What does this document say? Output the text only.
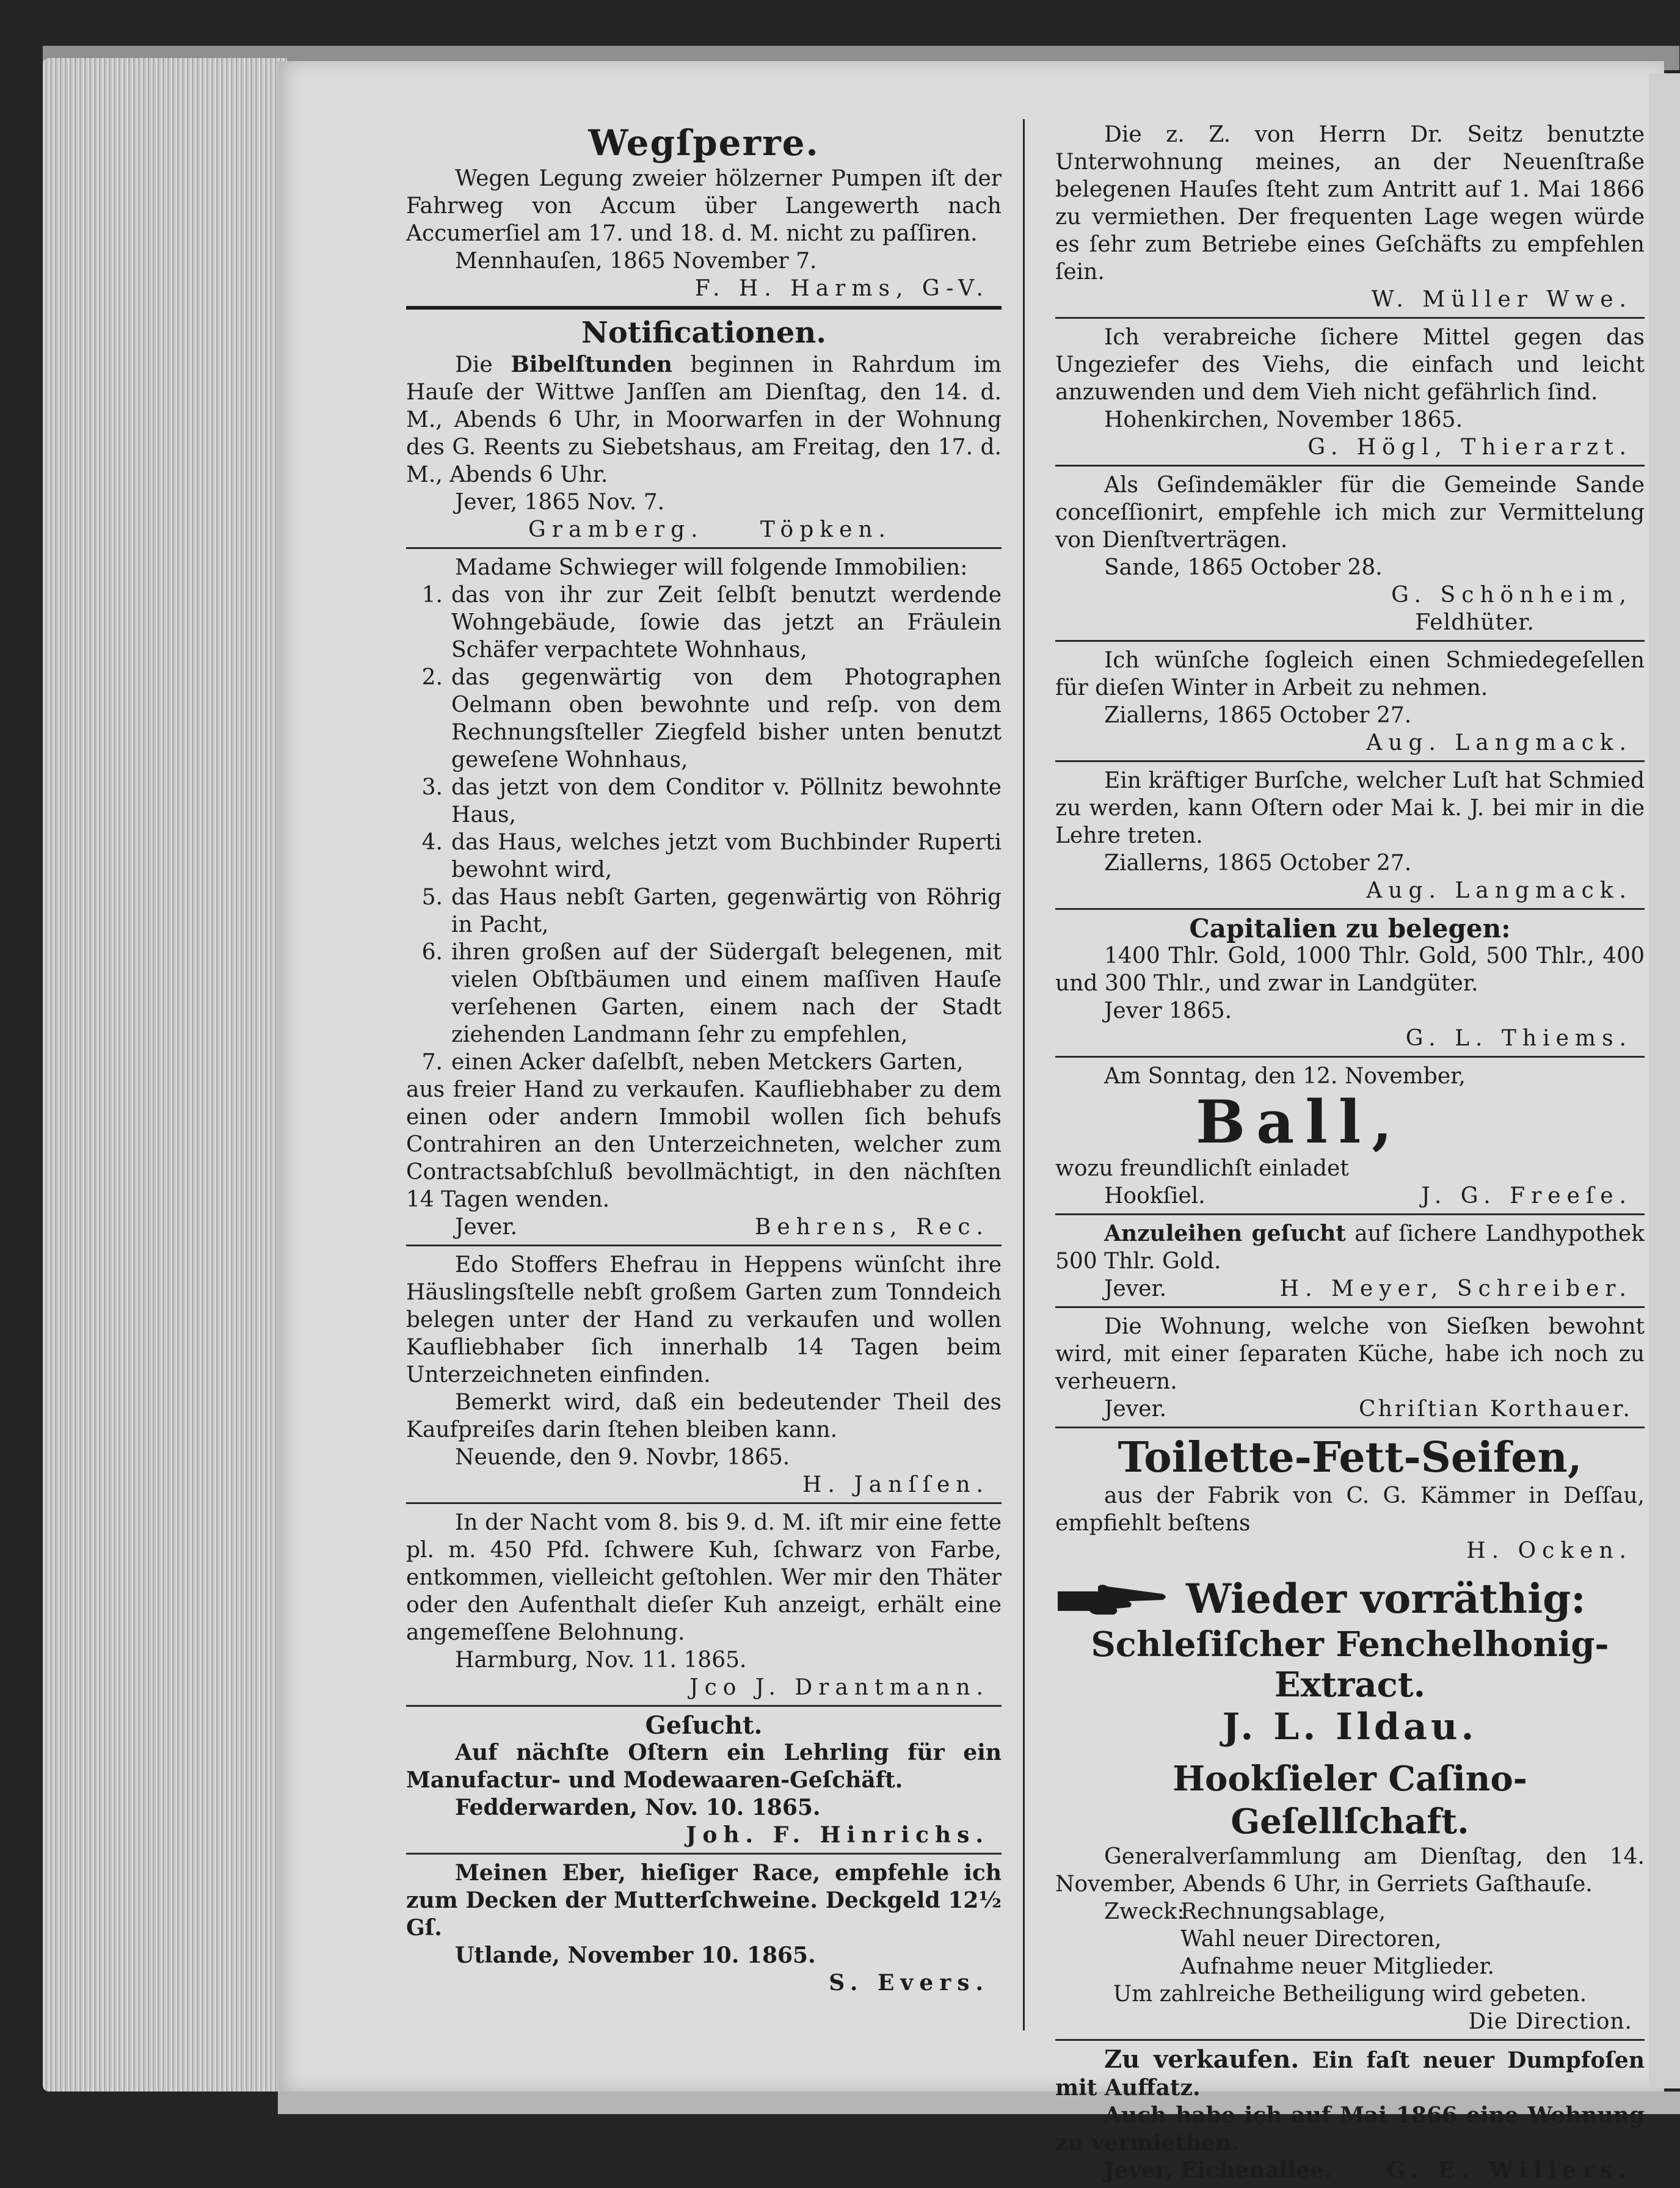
Wegſperre.

Wegen Legung zweier hölzerner Pumpen iſt der Fahrweg von Accum über Langewerth nach Accumerſiel am 17. und 18. d. M. nicht zu paſſiren.

Mennhauſen, 1865 November 7.

F. H. Harms, G-V.

Notificationen.

Die Bibelſtunden beginnen in Rahrdum im Hauſe der Wittwe Janſſen am Dienſtag, den 14. d. M., Abends 6 Uhr, in Moorwarfen in der Wohnung des G. Reents zu Siebetshaus, am Freitag, den 17. d. M., Abends 6 Uhr.

Jever, 1865 Nov. 7.

Gramberg.	Töpken.

Madame Schwieger will folgende Immobilien:

1. das von ihr zur Zeit ſelbſt benutzt werdende Wohngebäude, ſowie das jetzt an Fräulein Schäfer verpachtete Wohnhaus,
2. das gegenwärtig von dem Photographen Oelmann oben bewohnte und reſp. von dem Rechnungsſteller Ziegfeld bisher unten benutzt geweſene Wohnhaus,
3. das jetzt von dem Conditor v. Pöllnitz bewohnte Haus,
4. das Haus, welches jetzt vom Buchbinder Ruperti bewohnt wird,
5. das Haus nebſt Garten, gegenwärtig von Röhrig in Pacht,
6. ihren großen auf der Südergaſt belegenen, mit vielen Obſtbäumen und einem maſſiven Hauſe verſehenen Garten, einem nach der Stadt ziehenden Landmann ſehr zu empfehlen,
7. einen Acker daſelbſt, neben Metckers Garten,

aus freier Hand zu verkaufen. Kaufliebhaber zu dem einen oder andern Immobil wollen ſich behufs Contrahiren an den Unterzeichneten, welcher zum Contractsabſchluß bevollmächtigt, in den nächſten 14 Tagen wenden.

Jever.	Behrens, Rec.

Edo Stoffers Ehefrau in Heppens wünſcht ihre Häuslingsſtelle nebſt großem Garten zum Tonndeich belegen unter der Hand zu verkaufen und wollen Kaufliebhaber ſich innerhalb 14 Tagen beim Unterzeichneten einfinden.

Bemerkt wird, daß ein bedeutender Theil des Kaufpreiſes darin ſtehen bleiben kann.

Neuende, den 9. Novbr, 1865.

H. Janſſen.

In der Nacht vom 8. bis 9. d. M. iſt mir eine fette pl. m. 450 Pfd. ſchwere Kuh, ſchwarz von Farbe, entkommen, vielleicht geſtohlen. Wer mir den Thäter oder den Aufenthalt dieſer Kuh anzeigt, erhält eine angemeſſene Belohnung.

Harmburg, Nov. 11. 1865.

Jco J. Drantmann.

Geſucht.

Auf nächſte Oſtern ein Lehrling für ein Manufactur- und Modewaaren-Geſchäft.

Fedderwarden, Nov. 10. 1865.

Joh. F. Hinrichs.

Meinen Eber, hieſiger Race, empfehle ich zum Decken der Mutterſchweine. Deckgeld 12½ Gſ.

Utlande, November 10. 1865.

S. Evers.

Die z. Z. von Herrn Dr. Seitz benutzte Unterwohnung meines, an der Neuenſtraße belegenen Hauſes ſteht zum Antritt auf 1. Mai 1866 zu vermiethen. Der frequenten Lage wegen würde es ſehr zum Betriebe eines Geſchäfts zu empfehlen ſein.

W. Müller Wwe.

Ich verabreiche ſichere Mittel gegen das Ungeziefer des Viehs, die einfach und leicht anzuwenden und dem Vieh nicht gefährlich ſind.

Hohenkirchen, November 1865.

G. Högl, Thierarzt.

Als Geſindemäkler für die Gemeinde Sande conceſſionirt, empfehle ich mich zur Vermittelung von Dienſtverträgen.

Sande, 1865 October 28.

G. Schönheim,

Feldhüter.

Ich wünſche ſogleich einen Schmiedegeſellen für dieſen Winter in Arbeit zu nehmen.

Ziallerns, 1865 October 27.

Aug. Langmack.

Ein kräftiger Burſche, welcher Luſt hat Schmied zu werden, kann Oſtern oder Mai k. J. bei mir in die Lehre treten.

Ziallerns, 1865 October 27.

Aug. Langmack.

Capitalien zu belegen:

1400 Thlr. Gold, 1000 Thlr. Gold, 500 Thlr., 400 und 300 Thlr., und zwar in Landgüter.

Jever 1865.

G. L. Thiems.

Am Sonntag, den 12. November,

Ball,

wozu freundlichſt einladet

Hookſiel.	J. G. Freeſe.

Anzuleihen geſucht auf ſichere Landhypothek 500 Thlr. Gold.

Jever.	H. Meyer, Schreiber.

Die Wohnung, welche von Sieſken bewohnt wird, mit einer ſeparaten Küche, habe ich noch zu verheuern.

Jever.	Chriſtian Korthauer.
Toilette-Fett-Seifen,

aus der Fabrik von C. G. Kämmer in Deſſau, empfiehlt beſtens

H. Ocken.

Wieder vorräthig:
Schleſiſcher Fenchelhonig-Extract.
J. L. Ildau.
Hookſieler Caſino-Geſellſchaft.

Generalverſammlung am Dienſtag, den 14. November, Abends 6 Uhr, in Gerriets Gaſthauſe.

Zweck:
Rechnungsablage,
Wahl neuer Directoren,
Aufnahme neuer Mitglieder.

Um zahlreiche Betheiligung wird gebeten.

Die Direction.

Zu verkaufen. Ein faſt neuer Dumpfoſen mit Auffatz.

Auch habe ich auf Mai 1866 eine Wohnung zu vermiethen.

Jever, Eichenallee. G. E. Willers.
